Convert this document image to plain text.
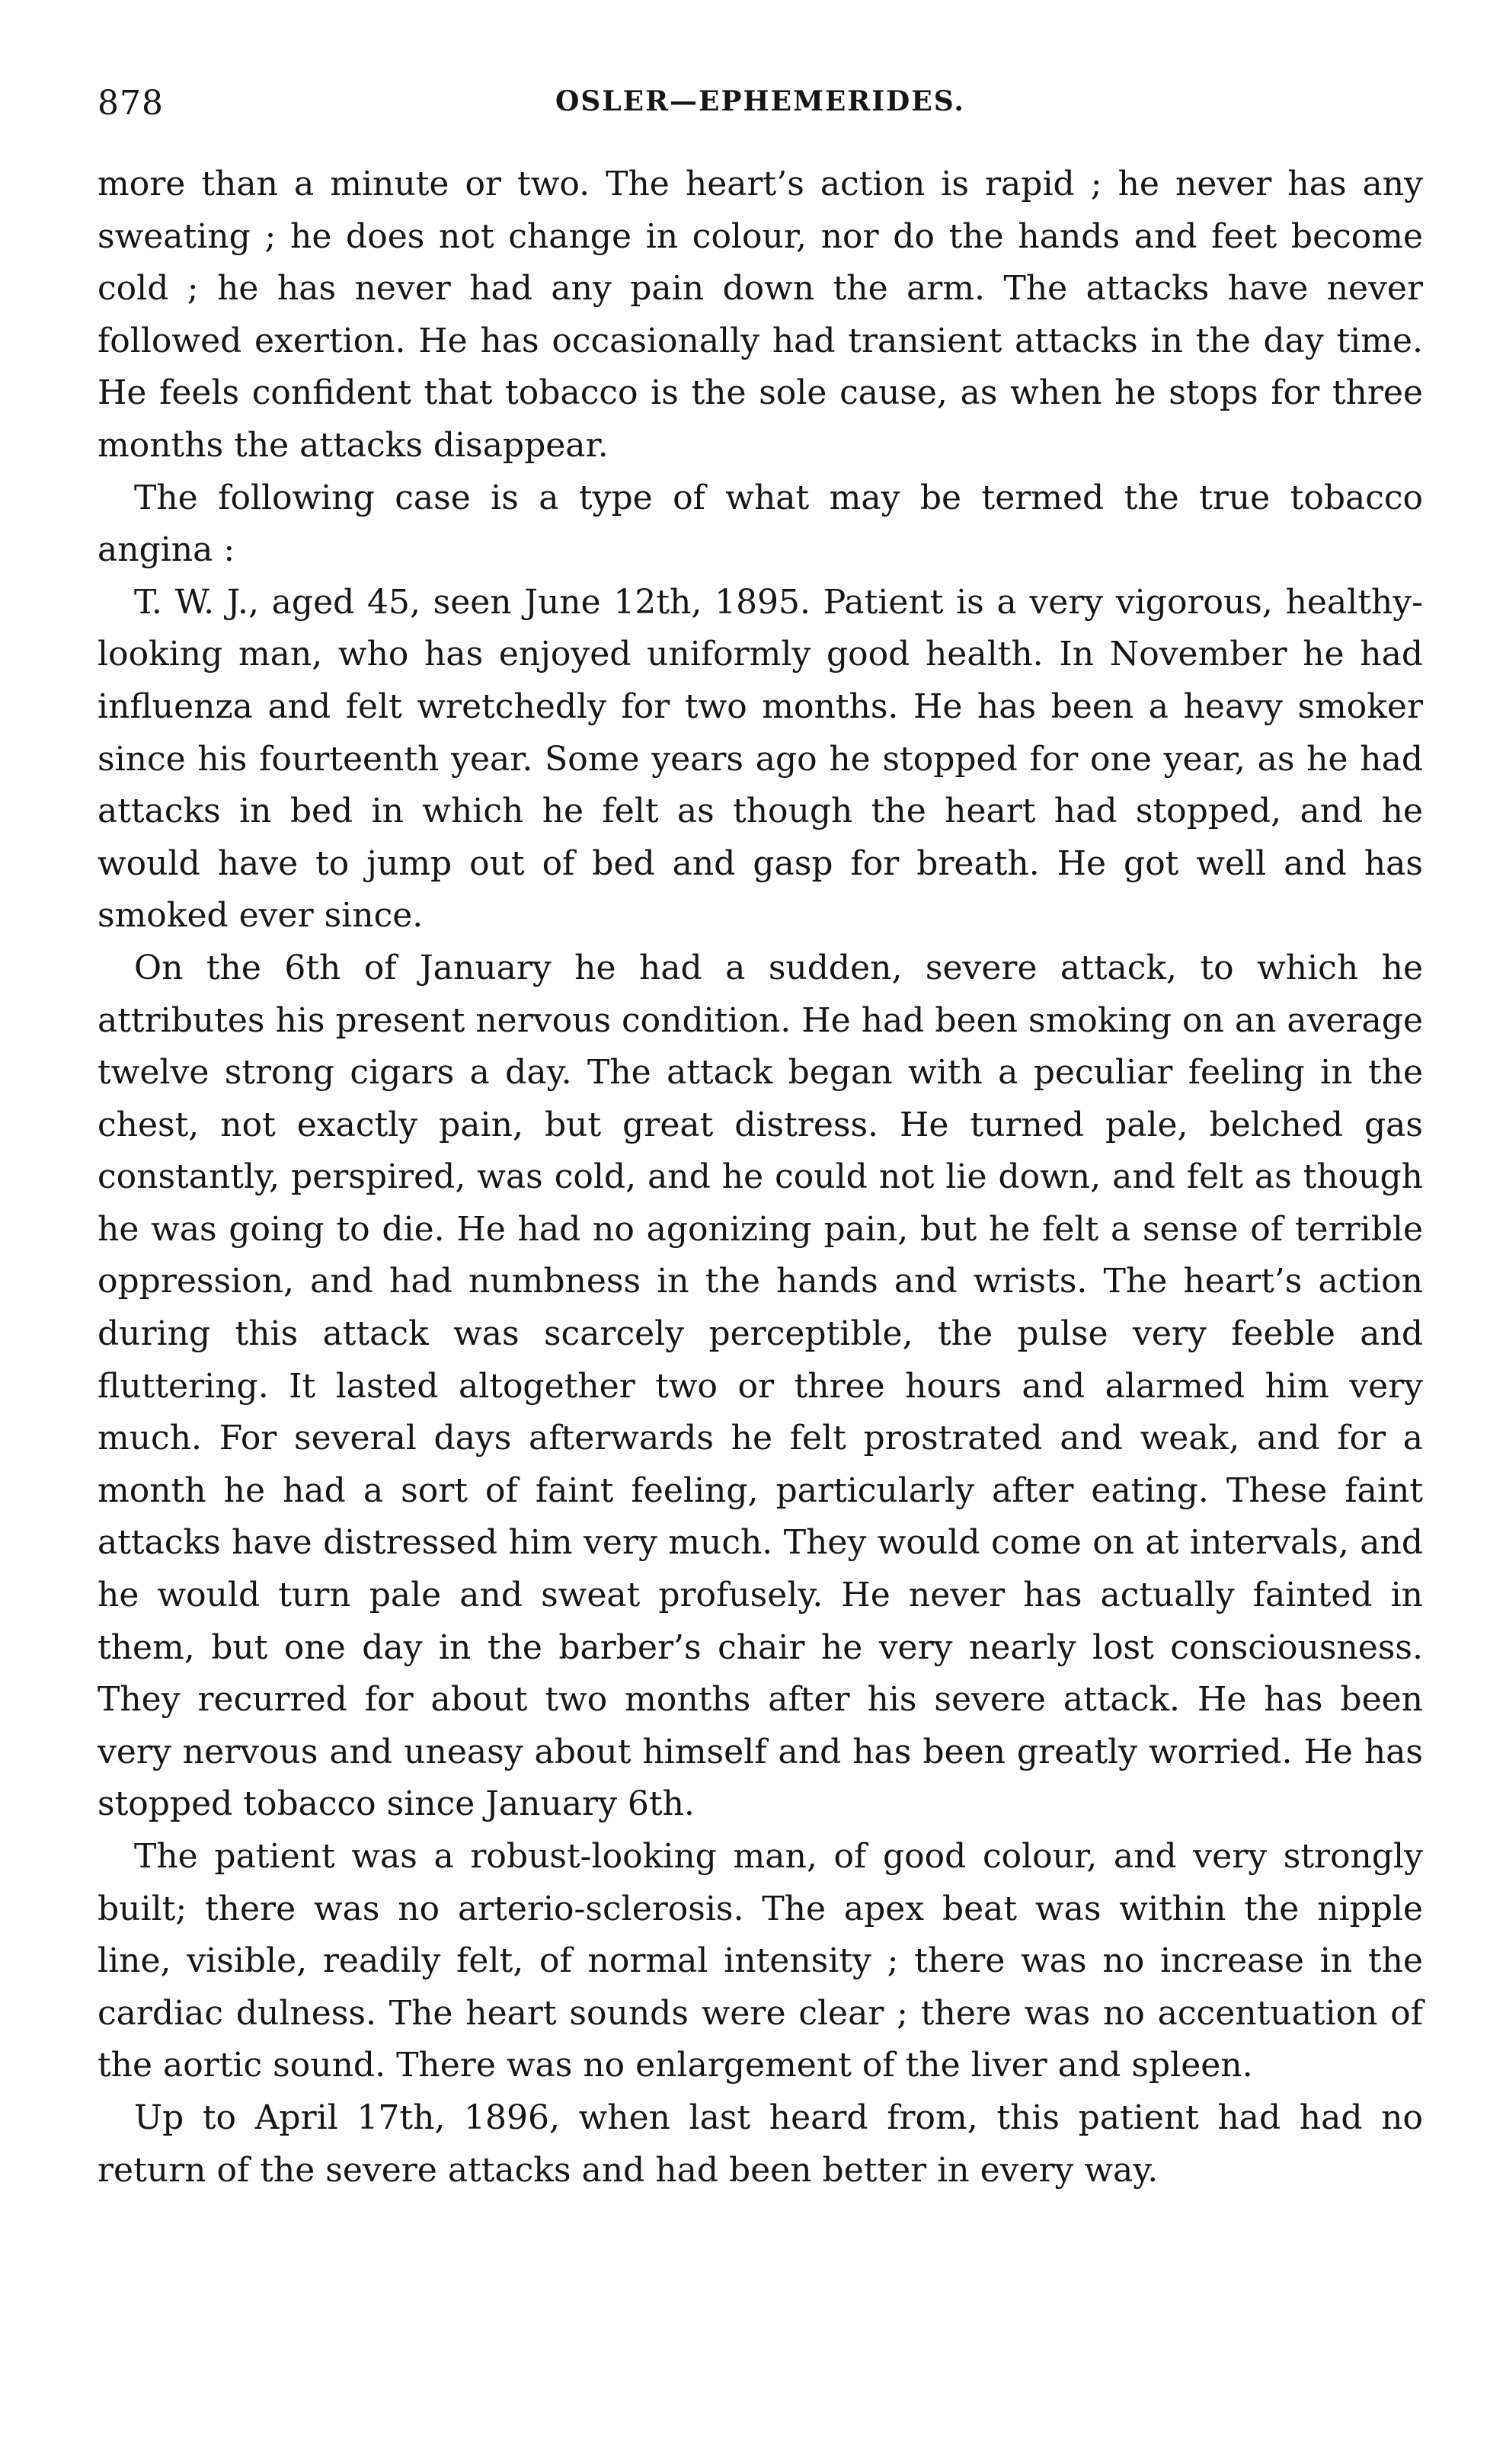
878	OSLER—EPHEMERIDES.

more than a minute or two. The heart’s action is rapid ; he never has any sweating ; he does not change in colour, nor do the hands and feet become cold ; he has never had any pain down the arm. The attacks have never followed exertion. He has occasionally had transient attacks in the day time. He feels confident that tobacco is the sole cause, as when he stops for three months the attacks disappear.

The following case is a type of what may be termed the true tobacco angina :

T. W. J., aged 45, seen June 12th, 1895. Patient is a very vigorous, healthy-looking man, who has enjoyed uniformly good health. In November he had influenza and felt wretchedly for two months. He has been a heavy smoker since his fourteenth year. Some years ago he stopped for one year, as he had attacks in bed in which he felt as though the heart had stopped, and he would have to jump out of bed and gasp for breath. He got well and has smoked ever since.

On the 6th of January he had a sudden, severe attack, to which he attributes his present nervous condition. He had been smoking on an average twelve strong cigars a day. The attack began with a peculiar feeling in the chest, not exactly pain, but great distress. He turned pale, belched gas constantly, perspired, was cold, and he could not lie down, and felt as though he was going to die. He had no agonizing pain, but he felt a sense of terrible oppression, and had numbness in the hands and wrists. The heart’s action during this attack was scarcely perceptible, the pulse very feeble and fluttering. It lasted altogether two or three hours and alarmed him very much. For several days afterwards he felt prostrated and weak, and for a month he had a sort of faint feeling, particularly after eating. These faint attacks have distressed him very much. They would come on at intervals, and he would turn pale and sweat profusely. He never has actually fainted in them, but one day in the barber’s chair he very nearly lost consciousness. They recurred for about two months after his severe attack. He has been very nervous and uneasy about himself and has been greatly worried. He has stopped tobacco since January 6th.

The patient was a robust-looking man, of good colour, and very strongly built; there was no arterio-sclerosis. The apex beat was within the nipple line, visible, readily felt, of normal intensity ; there was no increase in the cardiac dulness. The heart sounds were clear ; there was no accentuation of the aortic sound. There was no enlargement of the liver and spleen.

Up to April 17th, 1896, when last heard from, this patient had had no return of the severe attacks and had been better in every way.
